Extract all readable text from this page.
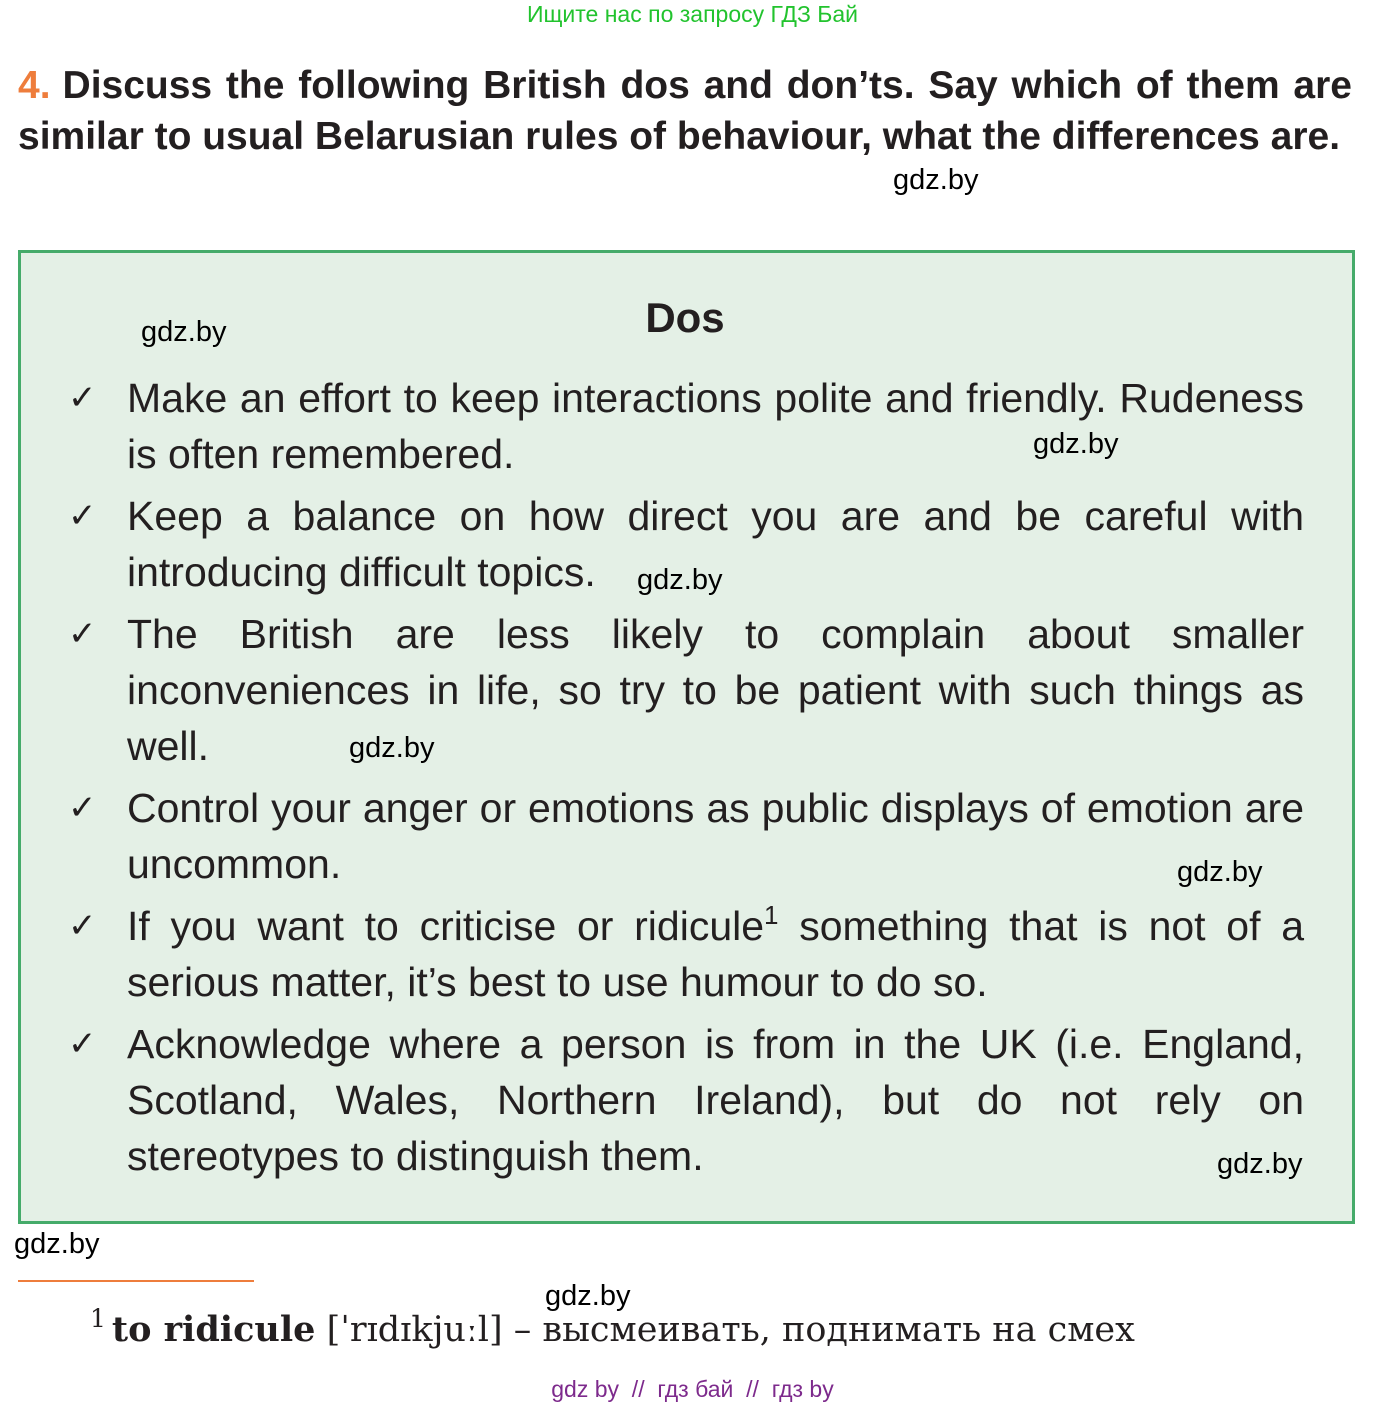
Ищите нас по запросу ГДЗ Бай
4. Discuss the following British dos and don’ts. Say which of them are similar to usual Belarusian rules of behaviour, what the differences are.
gdz.by
Dos
✓ Make an effort to keep interactions polite and friendly. Rudeness is often remembered.
✓ Keep a balance on how direct you are and be careful with introducing difficult topics.
✓ The British are less likely to complain about smaller inconveniences in life, so try to be patient with such things as well.
✓ Control your anger or emotions as public displays of emotion are uncommon.
✓ If you want to criticise or ridicule$^1$ something that is not of a serious matter, it’s best to use humour to do so.
✓ Acknowledge where a person is from in the UK (i.e. England, Scotland, Wales, Northern Ireland), but do not rely on stereotypes to distinguish them.
gdz.by
gdz.by
gdz.by
gdz.by
gdz.by
gdz.by
gdz.by
gdz.by
$^1$ to ridicule [ˈrɪdɪkjuːl] – высмеивать, поднимать на смех
gdz by  //  гдз бай  //  гдз by
